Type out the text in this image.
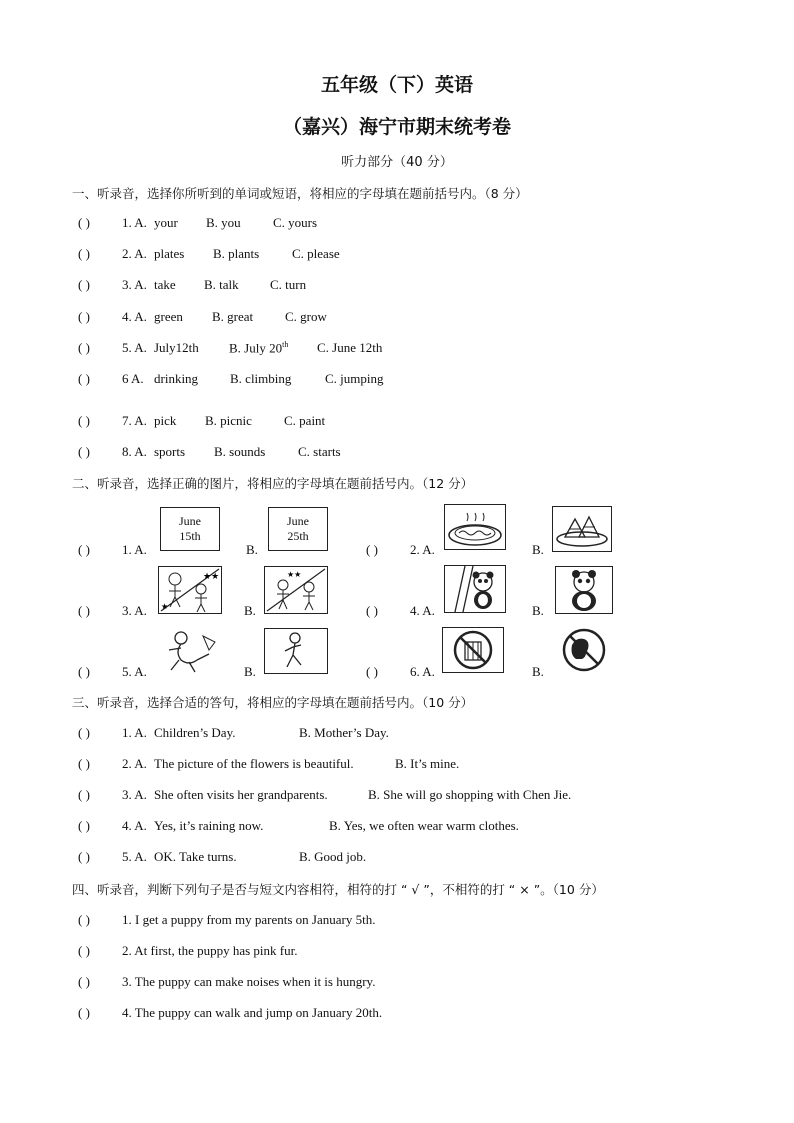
五年级（下）英语
（嘉兴）海宁市期末统考卷
听力部分（40 分）
一、听录音，选择你所听到的单词或短语，将相应的字母填在题前括号内。（8 分）
( ) 1. A. your B. you C. yours
( ) 2. A. plates B. plants	C. please
( ) 3. A. take B. talk C. turn
( ) 4. A. green B. great C. grow
( ) 5. A. July12th B. July 20th C. June 12th
( ) 6 A. drinking B. climbing	C. jumping
( ) 7. A. pick B. picnic C. paint
( ) 8. A. sports B. sounds	C. starts
二、听录音，选择正确的图片，将相应的字母填在题前括号内。（12 分）
( ) 1. A.
June
15th
B.
June
25th
( ) 2. A.	B.
( ) 3. A.
★★
★	B.
★★
( ) 4. A.	B.
( ) 5. A.	B.	( ) 6. A.	B.
三、听录音，选择合适的答句，将相应的字母填在题前括号内。（10 分）
( ) 1. A. Children’s Day.	B. Mother’s Day.
( ) 2. A. The picture of the flowers is beautiful.	B. It’s mine.
( ) 3. A. She often visits her grandparents.	B. She will go shopping with Chen Jie.
( ) 4. A. Yes, it’s raining now.	B. Yes, we often wear warm clothes.
( ) 5. A. OK. Take turns.	B. Good job.
四、听录音，判断下列句子是否与短文内容相符，相符的打 “ √ ”，不相符的打 “ × ”。（10 分）
( ) 1. I get a puppy from my parents on January 5th.
( ) 2. At first, the puppy has pink fur.
( ) 3. The puppy can make noises when it is hungry.
( ) 4. The puppy can walk and jump on January 20th.
